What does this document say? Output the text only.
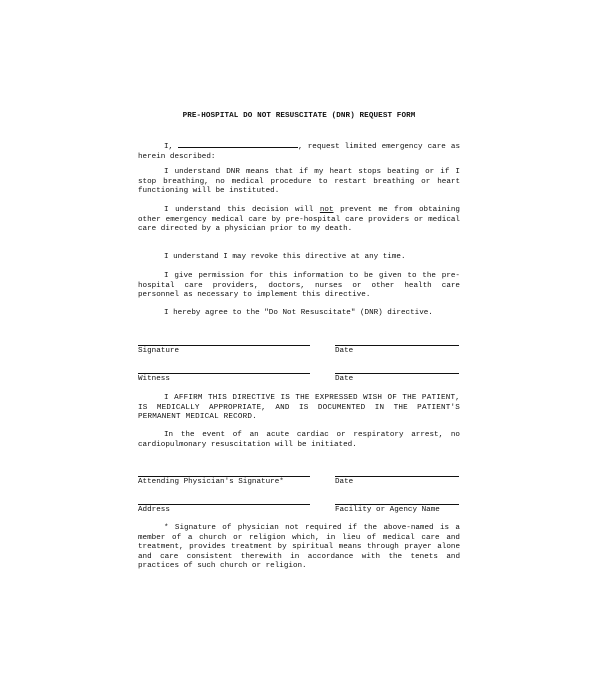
PRE-HOSPITAL DO NOT RESUSCITATE (DNR) REQUEST FORM
I,	, request limited emergency care as herein described:
I understand DNR means that if my heart stops beating or if I stop breathing, no medical procedure to restart breathing or heart functioning will be instituted.
I understand this decision will not prevent me from obtaining other emergency medical care by pre-hospital care providers or medical care directed by a physician prior to my death.
I understand I may revoke this directive at any time.
I give permission for this information to be given to the pre-hospital care providers, doctors, nurses or other health care personnel as necessary to implement this directive.
I hereby agree to the "Do Not Resuscitate" (DNR) directive.
Signature	Date
Witness	Date
I AFFIRM THIS DIRECTIVE IS THE EXPRESSED WISH OF THE PATIENT, IS MEDICALLY APPROPRIATE, AND IS DOCUMENTED IN THE PATIENT'S PERMANENT MEDICAL RECORD.
In the event of an acute cardiac or respiratory arrest, no cardiopulmonary resuscitation will be initiated.
Attending Physician's Signature*	Date
Address	Facility or Agency Name
* Signature of physician not required if the above-named is a member of a church or religion which, in lieu of medical care and treatment, provides treatment by spiritual means through prayer alone and care consistent therewith in accordance with the tenets and practices of such church or religion.
